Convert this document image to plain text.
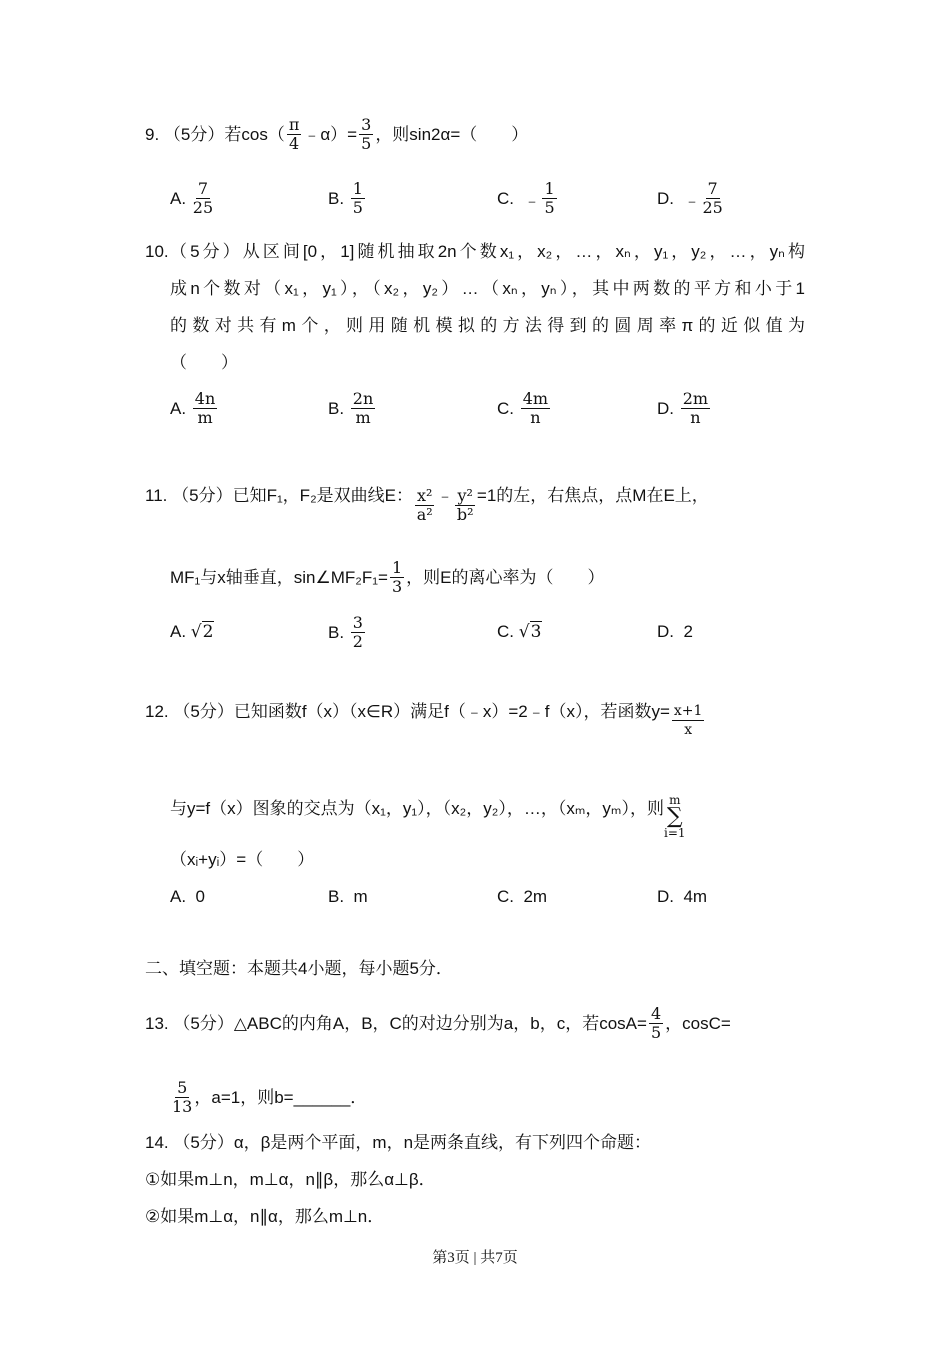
9.
（5分）若$\cos( \frac{\pi}{4}$ ﹣α）= $\frac{3}{5}$ ，则sin2α=（　　）
A.
$\frac{7}{25}$	B.
$\frac{1}{5}$	C.
﹣ $\frac{1}{5}$	D.
﹣ $\frac{7}{25}$
10. （5分）从区间[0，1]随机抽取2n个数x₁，x₂，…，xₙ，y₁，y₂，…，yₙ构
成n个数对（x₁，y₁），（x₂，y₂）…（xₙ，yₙ），其中两数的平方和小于1
的数对共有m个，则用随机模拟的方法得到的圆周率π的近似值为
（　　）
A.
$\frac{4n}{m}$	B.
$\frac{2n}{m}$	C.
$\frac{4m}{n}$	D.
$\frac{2m}{n}$
11.
（5分）已知F₁，F₂是双曲线E： $\frac{\text{x²}}{\text{a²}}$ ﹣ $\frac{\text{y²}}{\text{b²}} =1$的左，右焦点，点M在E上，
MF₁与x轴垂直，sin∠MF₂F₁= $\frac{1}{3}$ ，则E的离心率为（　　）
A.
√2	B.
$\frac{3}{2}$	C.
√3	D.
2
12.
（5分）已知函数f（x）（x∈R）满足f（﹣x）=2﹣f（x），若函数$y= \frac{x+1}{x}$
与y=f（x）图象的交点为（x₁，y₁），（x₂，y₂），…，（xₘ，yₘ），则 m
∑
i=1
（xᵢ+yᵢ）=（　　）
A.
0	B.
m	C.
2m	D.
4m
二、填空题：本题共4小题，每小题5分．
13.
（5分）△ABC的内角A，B，C的对边分别为a，b，c，若$\cos A= \frac{4}{5}$ ，cosC=
$\frac{5}{13}$ ，a=1，则b=______．
14.
（5分）α，β是两个平面，m，n是两条直线，有下列四个命题：
①如果m⊥n，m⊥α，n∥β，那么α⊥β．
②如果m⊥α，n∥α，那么m⊥n．
第3页 | 共7页
